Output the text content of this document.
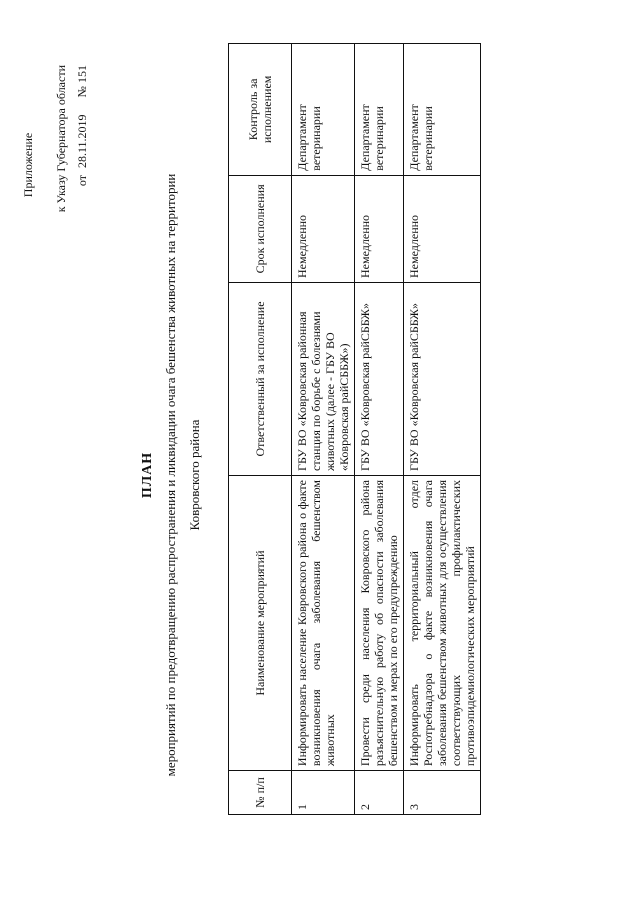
Приложение к Указу Губернатора области от 28.11.2019 № 151
ПЛАН мероприятий по предотвращению распространения и ликвидации очага бешенства животных на территории Ковровского района
№ п/п	Наименование мероприятий	Ответственный за исполнение	Срок исполнения	Контроль за исполнением
1	Информировать население Ковровского района о факте возникновения очага заболевания бешенством животных	ГБУ ВО «Ковровская районная станция по борьбе с болезнями животных (далее - ГБУ ВО «Ковровская райСББЖ»)	Немедленно	Департамент ветеринарии
2	Провести среди населения Ковровского района разъяснительную работу об опасности заболевания бешенством и мерах по его предупреждению	ГБУ ВО «Ковровская райСББЖ»	Немедленно	Департамент ветеринарии
3	Информировать территориальный отдел Роспотребнадзора о факте возникновения очага заболевания бешенством животных для осуществления соответствующих профилактических противоэпидемиологических мероприятий	ГБУ ВО «Ковровская райСББЖ»	Немедленно	Департамент ветеринарии
